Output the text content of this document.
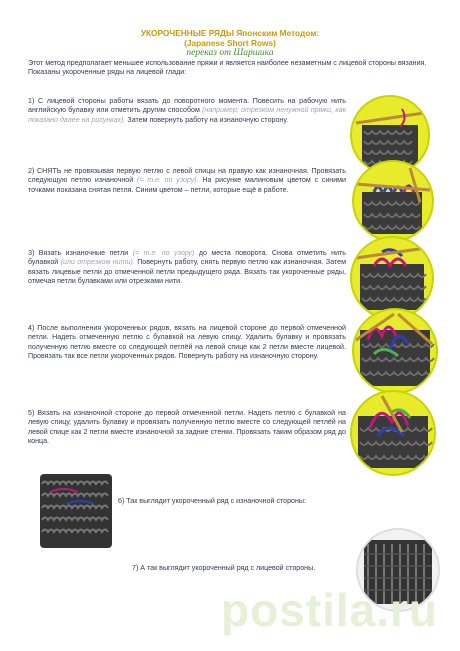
УКОРОЧЕННЫЕ РЯДЫ Японским Методом:
(Japanese Short Rows)
переказ от Шаршика
Этот метод предполагает меньшее использование пряжи и является наиболее незаметным с лицевой стороны вязания.
Показаны укороченные ряды на лицевой глади:
1) С лицевой стороны работы вязать до поворотного момента. Повесить на рабочую нить английскую булавку или отметить другим способом (например: отрезком ненужной пряжи, как показано далее на рисунках). Затем повернуть работу на изнаночную сторону.
2) СНЯТЬ не провязывая первую петлю с левой спицы на правую как изнаночная. Провязать следующую петлю изнаночной (= т.е. по узору). На рисунке малиновым цветом с синими точками показана снятая петля. Синим цветом – петли, которые ещё в работе.
3) Вязать изнаночные петли (= т.е. по узору) до места поворота. Снова отметить нить булавкой (или отрезком нити). Повернуть работу, снять первую петлю как изнаночная. Затем вязать лицевые петли до отмеченной петли предыдущего ряда. Вязать так укороченные ряды, отмечая петли булавками или отрезками нити.
4) После выполнения укороченных рядов, вязать на лицевой стороне до первой отмеченной петли. Надеть отмеченную петлю с булавкой на левую спицу. Удалить булавку и провязать полученную петлю вместе со следующей петлёй на левой спице как 2 петли вместе лицевой. Провязать так все петли укороченных рядов. Повернуть работу на изнаночную сторону.
5) Вязать на изнаночной стороне до первой отмеченной петли. Надеть петлю с булавкой на левую спицу, удалить булавку и провязать полученную петлю вместе со следующей петлёй на левой спице как 2 петли вместе изнаночной за задние стенки. Провязать таким образом ряд до конца.
6) Так выглядит укороченный ряд с изнаночной стороны:
7) А так выглядит укороченный ряд с лицевой стороны.
postila.ru
